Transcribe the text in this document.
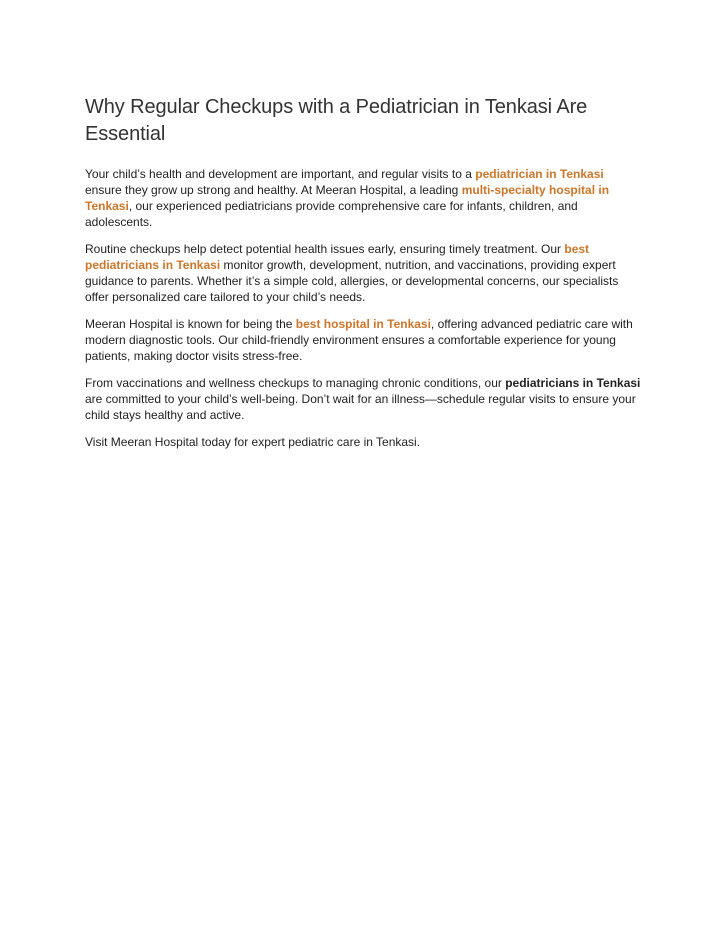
Why Regular Checkups with a Pediatrician in Tenkasi Are Essential

Your child’s health and development are important, and regular visits to a pediatrician in Tenkasi ensure they grow up strong and healthy. At Meeran Hospital, a leading multi-specialty hospital in Tenkasi, our experienced pediatricians provide comprehensive care for infants, children, and adolescents.

Routine checkups help detect potential health issues early, ensuring timely treatment. Our best pediatricians in Tenkasi monitor growth, development, nutrition, and vaccinations, providing expert guidance to parents. Whether it’s a simple cold, allergies, or developmental concerns, our specialists offer personalized care tailored to your child’s needs.

Meeran Hospital is known for being the best hospital in Tenkasi, offering advanced pediatric care with modern diagnostic tools. Our child-friendly environment ensures a comfortable experience for young patients, making doctor visits stress-free.

From vaccinations and wellness checkups to managing chronic conditions, our pediatricians in Tenkasi are committed to your child’s well-being. Don’t wait for an illness—schedule regular visits to ensure your child stays healthy and active.

Visit Meeran Hospital today for expert pediatric care in Tenkasi.
